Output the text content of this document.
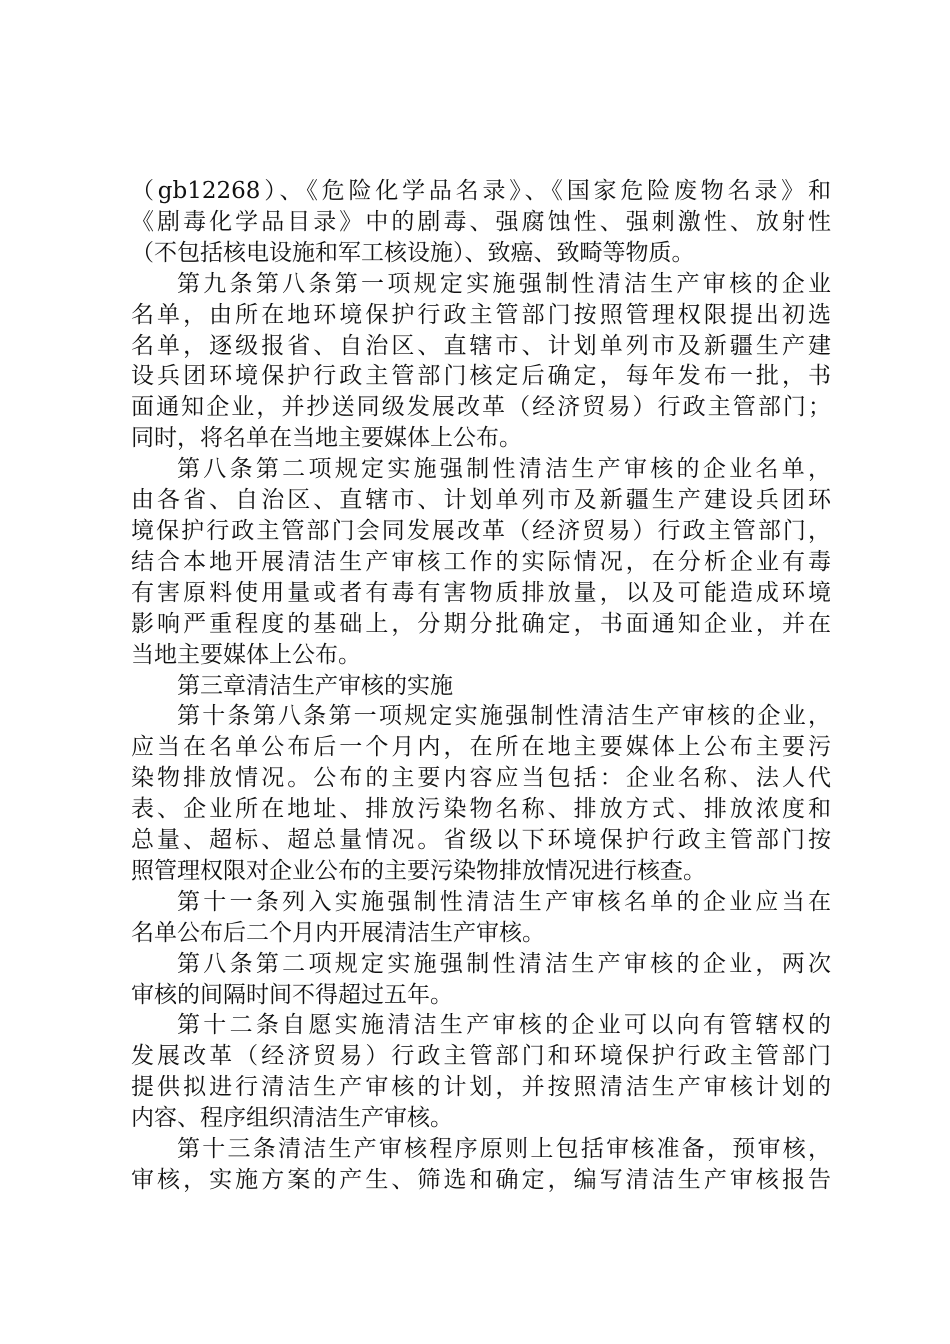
（gb12268）、《危险化学品名录》、《国家危险废物名录》和
《剧毒化学品目录》中的剧毒、强腐蚀性、强刺激性、放射性
（不包括核电设施和军工核设施）、致癌、致畸等物质。
第九条第八条第一项规定实施强制性清洁生产审核的企业
名单，由所在地环境保护行政主管部门按照管理权限提出初选
名单，逐级报省、自治区、直辖市、计划单列市及新疆生产建
设兵团环境保护行政主管部门核定后确定，每年发布一批，书
面通知企业，并抄送同级发展改革（经济贸易）行政主管部门；
同时，将名单在当地主要媒体上公布。
第八条第二项规定实施强制性清洁生产审核的企业名单，
由各省、自治区、直辖市、计划单列市及新疆生产建设兵团环
境保护行政主管部门会同发展改革（经济贸易）行政主管部门，
结合本地开展清洁生产审核工作的实际情况，在分析企业有毒
有害原料使用量或者有毒有害物质排放量，以及可能造成环境
影响严重程度的基础上，分期分批确定，书面通知企业，并在
当地主要媒体上公布。
第三章清洁生产审核的实施
第十条第八条第一项规定实施强制性清洁生产审核的企业，
应当在名单公布后一个月内，在所在地主要媒体上公布主要污
染物排放情况。公布的主要内容应当包括：企业名称、法人代
表、企业所在地址、排放污染物名称、排放方式、排放浓度和
总量、超标、超总量情况。省级以下环境保护行政主管部门按
照管理权限对企业公布的主要污染物排放情况进行核查。
第十一条列入实施强制性清洁生产审核名单的企业应当在
名单公布后二个月内开展清洁生产审核。
第八条第二项规定实施强制性清洁生产审核的企业，两次
审核的间隔时间不得超过五年。
第十二条自愿实施清洁生产审核的企业可以向有管辖权的
发展改革（经济贸易）行政主管部门和环境保护行政主管部门
提供拟进行清洁生产审核的计划，并按照清洁生产审核计划的
内容、程序组织清洁生产审核。
第十三条清洁生产审核程序原则上包括审核准备，预审核，
审核，实施方案的产生、筛选和确定，编写清洁生产审核报告
